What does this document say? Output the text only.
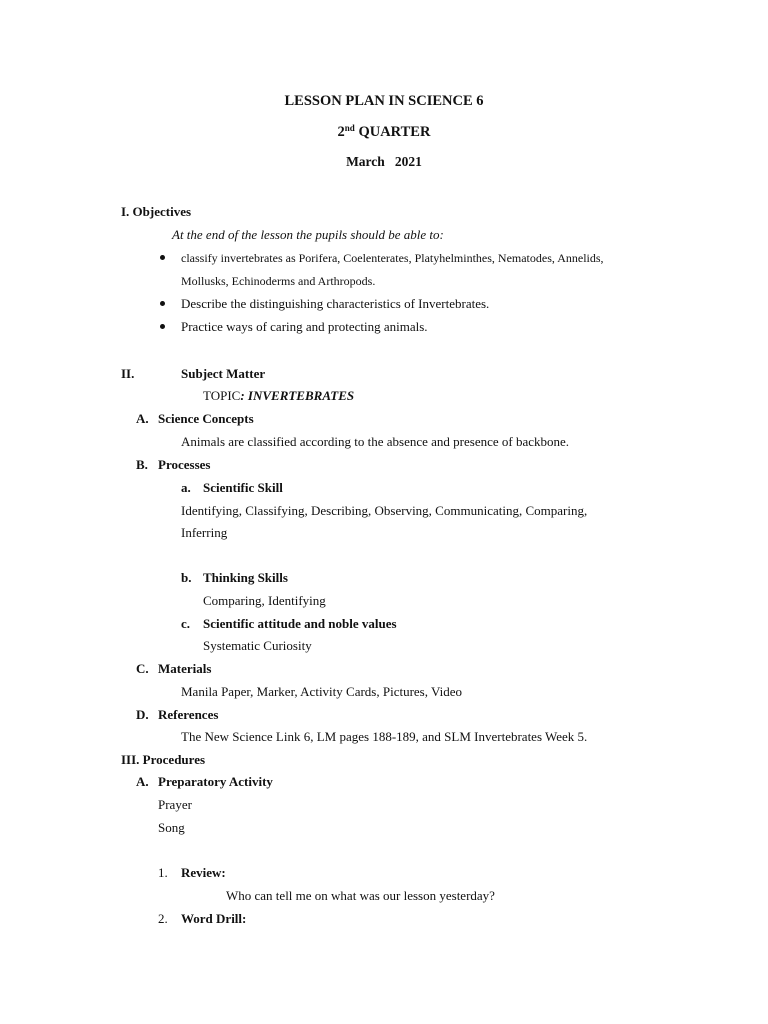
LESSON PLAN IN SCIENCE 6
2nd QUARTER
March   2021
I. Objectives
At the end of the lesson the pupils should be able to:
classify invertebrates as Porifera, Coelenterates, Platyhelminthes, Nematodes, Annelids,
Mollusks, Echinoderms and Arthropods.
Describe the distinguishing characteristics of Invertebrates.
Practice ways of caring and protecting animals.
II.	Subject Matter
TOPIC: INVERTEBRATES
A. Science Concepts
Animals are classified according to the absence and presence of backbone.
B. Processes
a. Scientific Skill
Identifying, Classifying, Describing, Observing, Communicating, Comparing,
Inferring
b. Thinking Skills
Comparing, Identifying
c. Scientific attitude and noble values
Systematic Curiosity
C. Materials
Manila Paper, Marker, Activity Cards, Pictures, Video
D. References
The New Science Link 6, LM pages 188-189, and SLM Invertebrates Week 5.
III. Procedures
A. Preparatory Activity
Prayer
Song
1. Review:
Who can tell me on what was our lesson yesterday?
2. Word Drill:
